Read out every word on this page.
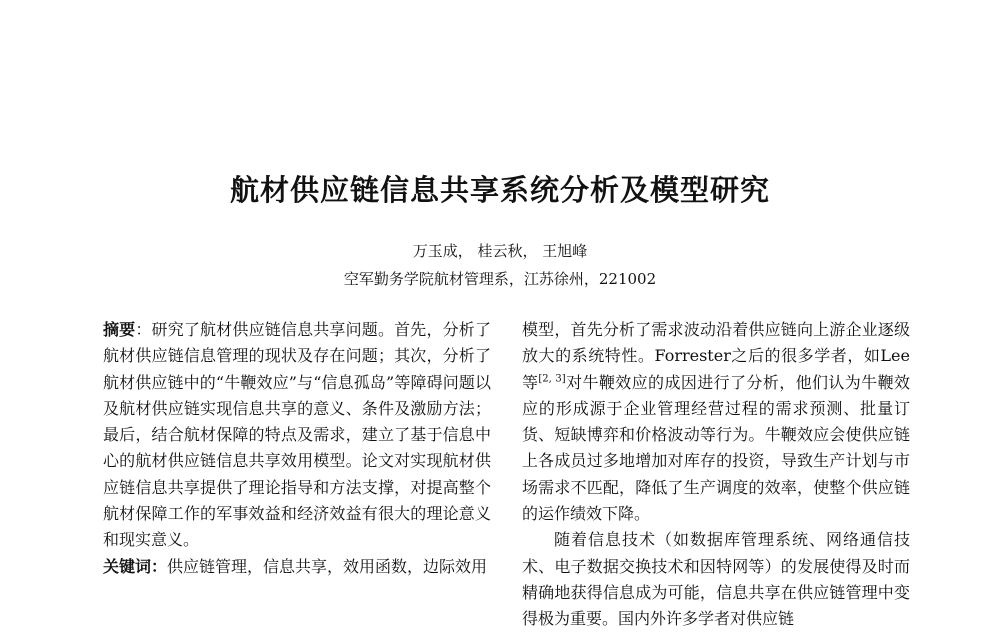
航材供应链信息共享系统分析及模型研究
万玉成， 桂云秋， 王旭峰
空军勤务学院航材管理系，江苏徐州，221002

摘要：研究了航材供应链信息共享问题。首先，分析了航材供应链信息管理的现状及存在问题；其次，分析了航材供应链中的“牛鞭效应”与“信息孤岛”等障碍问题以及航材供应链实现信息共享的意义、条件及激励方法；最后，结合航材保障的特点及需求，建立了基于信息中心的航材供应链信息共享效用模型。论文对实现航材供应链信息共享提供了理论指导和方法支撑，对提高整个航材保障工作的军事效益和经济效益有很大的理论意义和现实意义。

关键词：供应链管理，信息共享，效用函数，边际效用

模型，首先分析了需求波动沿着供应链向上游企业逐级放大的系统特性。Forrester之后的很多学者，如Lee 等[2, 3]对牛鞭效应的成因进行了分析，他们认为牛鞭效应的形成源于企业管理经营过程的需求预测、批量订货、短缺博弈和价格波动等行为。牛鞭效应会使供应链上各成员过多地增加对库存的投资，导致生产计划与市场需求不匹配，降低了生产调度的效率，使整个供应链的运作绩效下降。

随着信息技术（如数据库管理系统、网络通信技术、电子数据交换技术和因特网等）的发展使得及时而精确地获得信息成为可能，信息共享在供应链管理中变得极为重要。国内外许多学者对供应链
